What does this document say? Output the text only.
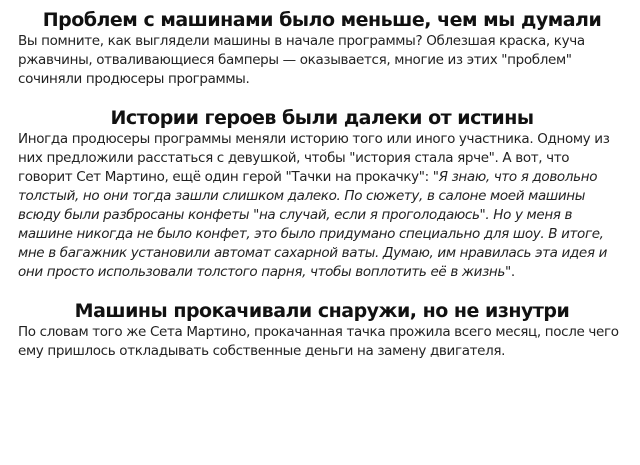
Проблем с машинами было меньше, чем мы думали

Вы помните, как выглядели машины в начале программы? Облезшая краска, куча ржавчины, отваливающиеся бамперы — оказывается, многие из этих "проблем" сочиняли продюсеры программы.

Истории героев были далеки от истины

Иногда продюсеры программы меняли историю того или иного участника. Одному из них предложили расстаться с девушкой, чтобы "история стала ярче". А вот, что говорит Сет Мартино, ещё один герой "Тачки на прокачку": "Я знаю, что я довольно толстый, но они тогда зашли слишком далеко. По сюжету, в салоне моей машины всюду были разбросаны конфеты "на случай, если я проголодаюсь". Но у меня в машине никогда не было конфет, это было придумано специально для шоу. В итоге, мне в багажник установили автомат сахарной ваты. Думаю, им нравилась эта идея и они просто использовали толстого парня, чтобы воплотить её в жизнь".

Машины прокачивали снаружи, но не изнутри

По словам того же Сета Мартино, прокачанная тачка прожила всего месяц, после чего ему пришлось откладывать собственные деньги на замену двигателя.
